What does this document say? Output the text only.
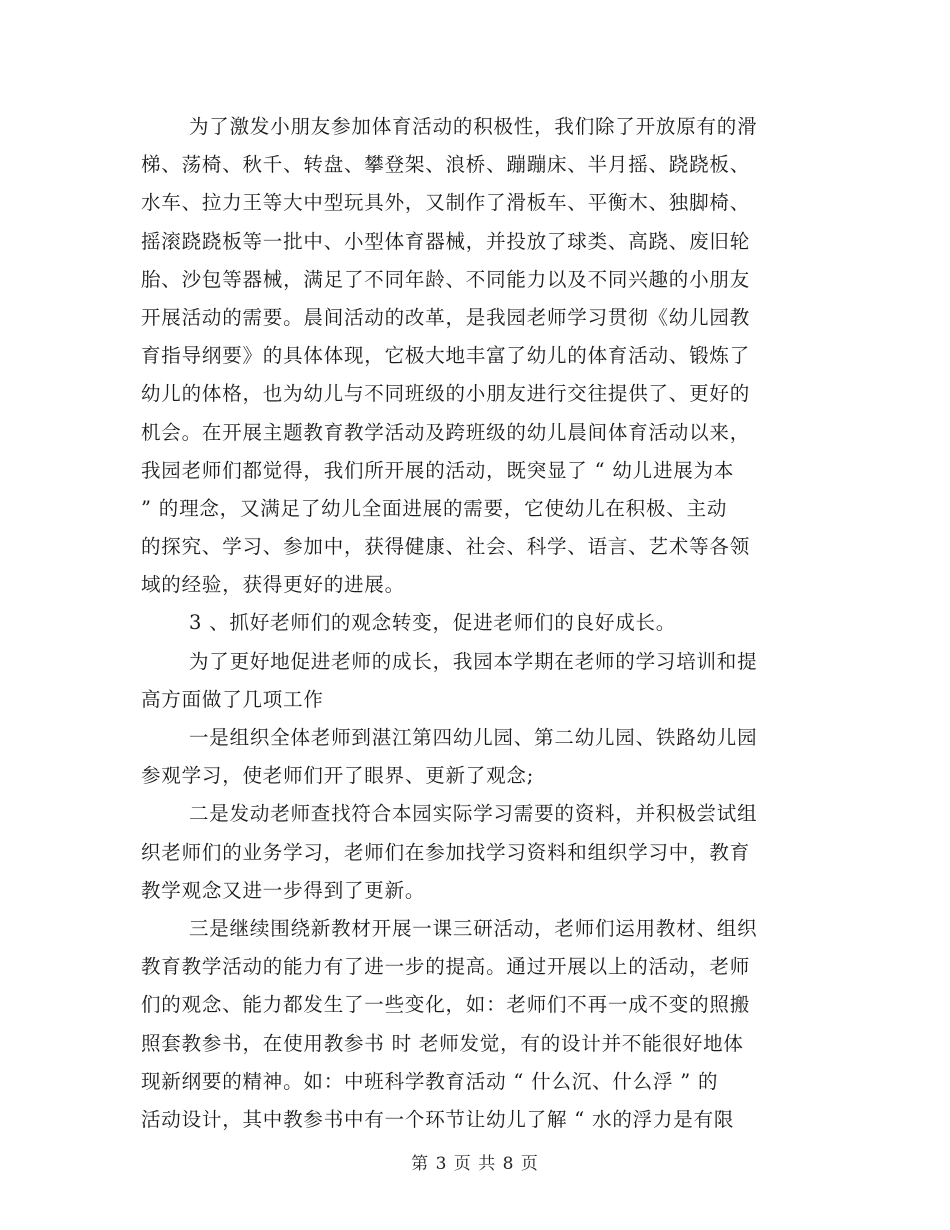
为了激发小朋友参加体育活动的积极性，我们除了开放原有的滑
梯、荡椅、秋千、转盘、攀登架、浪桥、蹦蹦床、半月摇、跷跷板、
水车、拉力王等大中型玩具外，又制作了滑板车、平衡木、独脚椅、
摇滚跷跷板等一批中、小型体育器械，并投放了球类、高跷、废旧轮
胎、沙包等器械，满足了不同年龄、不同能力以及不同兴趣的小朋友
开展活动的需要。晨间活动的改革，是我园老师学习贯彻《幼儿园教
育指导纲要》的具体体现，它极大地丰富了幼儿的体育活动、锻炼了
幼儿的体格，也为幼儿与不同班级的小朋友进行交往提供了、更好的
机会。在开展主题教育教学活动及跨班级的幼儿晨间体育活动以来，
我园老师们都觉得，我们所开展的活动，既突显了 “ 幼儿进展为本
” 的理念，又满足了幼儿全面进展的需要，它使幼儿在积极、主动
的探究、学习、参加中，获得健康、社会、科学、语言、艺术等各领
域的经验，获得更好的进展。
3 、抓好老师们的观念转变，促进老师们的良好成长。
为了更好地促进老师的成长，我园本学期在老师的学习培训和提
高方面做了几项工作
一是组织全体老师到湛江第四幼儿园、第二幼儿园、铁路幼儿园
参观学习，使老师们开了眼界、更新了观念;
二是发动老师查找符合本园实际学习需要的资料，并积极尝试组
织老师们的业务学习，老师们在参加找学习资料和组织学习中，教育
教学观念又进一步得到了更新。
三是继续围绕新教材开展一课三研活动，老师们运用教材、组织
教育教学活动的能力有了进一步的提高。通过开展以上的活动，老师
们的观念、能力都发生了一些变化，如：老师们不再一成不变的照搬
照套教参书，在使用教参书 时 老师发觉，有的设计并不能很好地体
现新纲要的精神。如：中班科学教育活动 “ 什么沉、什么浮 ” 的
活动设计，其中教参书中有一个环节让幼儿了解 “ 水的浮力是有限
第 3 页 共 8 页
